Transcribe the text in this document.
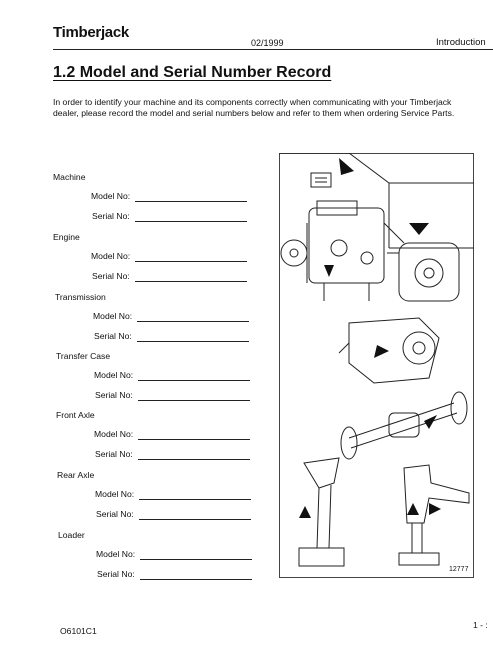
Timberjack
02/1999	Introduction
1.2 Model and Serial Number Record
In order to identify your machine and its components correctly when communicating with your Timberjack dealer, please record the model and serial numbers below and refer to them when ordering Service Parts.
Machine
Model No:
Serial No:
Engine
Model No:
Serial No:
Transmission
Model No:
Serial No:
Transfer Case
Model No:
Serial No:
Front Axle
Model No:
Serial No:
Rear Axle
Model No:
Serial No:
Loader
Model No:
Serial No:	12777
O6101C1
1 - :
